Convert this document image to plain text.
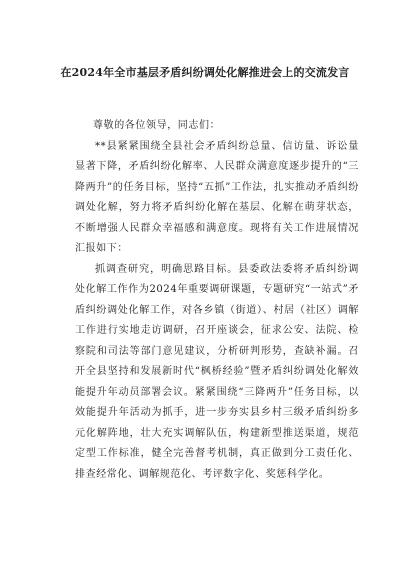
在2024年全市基层矛盾纠纷调处化解推进会上的交流发言

尊敬的各位领导，同志们：

**县紧紧围绕全县社会矛盾纠纷总量、信访量、诉讼量显著下降，矛盾纠纷化解率、人民群众满意度逐步提升的“三降两升”的任务目标，坚持“五抓”工作法，扎实推动矛盾纠纷调处化解，努力将矛盾纠纷化解在基层、化解在萌芽状态，不断增强人民群众幸福感和满意度。现将有关工作进展情况汇报如下：

抓调查研究，明确思路目标。县委政法委将矛盾纠纷调处化解工作作为2024年重要调研课题，专题研究“一站式”矛盾纠纷调处化解工作，对各乡镇（街道）、村居（社区）调解工作进行实地走访调研，召开座谈会，征求公安、法院、检察院和司法等部门意见建议，分析研判形势，查缺补漏。召开全县坚持和发展新时代“枫桥经验”暨矛盾纠纷调处化解效能提升年动员部署会议。紧紧围绕“三降两升”任务目标，以效能提升年活动为抓手，进一步夯实县乡村三级矛盾纠纷多元化解阵地，壮大充实调解队伍，构建新型推送渠道，规范定型工作标准，健全完善督考机制，真正做到分工责任化、排查经常化、调解规范化、考评数字化、奖惩科学化。
